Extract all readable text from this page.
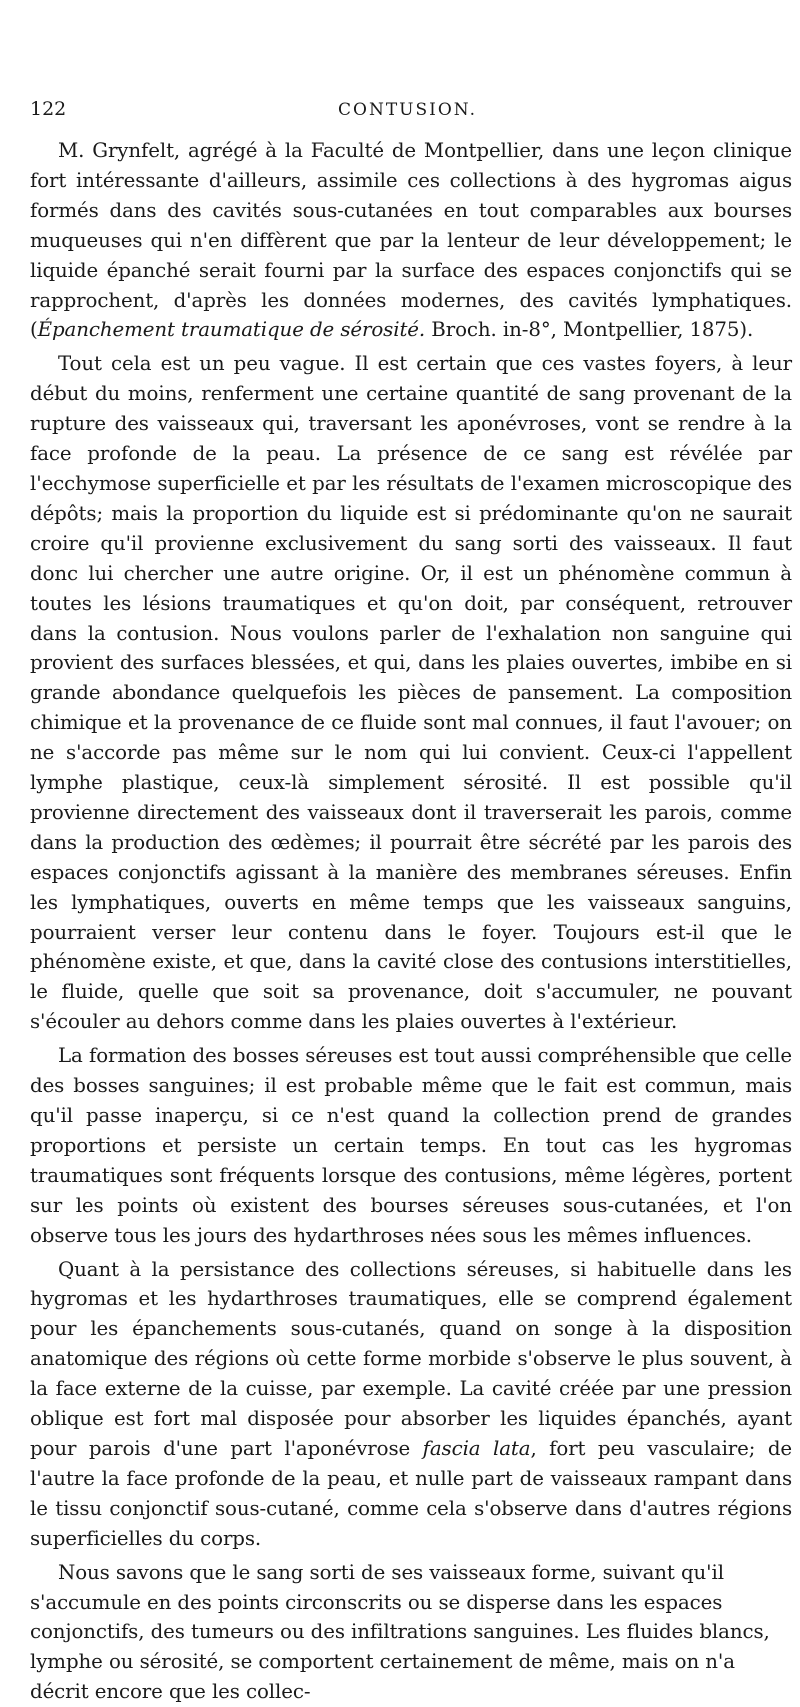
122	CONTUSION.

M. Grynfelt, agrégé à la Faculté de Montpellier, dans une leçon clinique fort intéressante d'ailleurs, assimile ces collections à des hygromas aigus formés dans des cavités sous-cutanées en tout comparables aux bourses muqueuses qui n'en diffèrent que par la lenteur de leur développement; le liquide épanché serait fourni par la surface des espaces conjonctifs qui se rapprochent, d'après les données modernes, des cavités lymphatiques. (Épanchement traumatique de sérosité. Broch. in-8°, Montpellier, 1875).

Tout cela est un peu vague. Il est certain que ces vastes foyers, à leur début du moins, renferment une certaine quantité de sang provenant de la rupture des vaisseaux qui, traversant les aponévroses, vont se rendre à la face profonde de la peau. La présence de ce sang est révélée par l'ecchymose superficielle et par les résultats de l'examen microscopique des dépôts; mais la proportion du liquide est si prédominante qu'on ne saurait croire qu'il provienne exclusivement du sang sorti des vaisseaux. Il faut donc lui chercher une autre origine. Or, il est un phénomène commun à toutes les lésions traumatiques et qu'on doit, par conséquent, retrouver dans la contusion. Nous voulons parler de l'exhalation non sanguine qui provient des surfaces blessées, et qui, dans les plaies ouvertes, imbibe en si grande abondance quelquefois les pièces de pansement. La composition chimique et la provenance de ce fluide sont mal connues, il faut l'avouer; on ne s'accorde pas même sur le nom qui lui convient. Ceux-ci l'appellent lymphe plastique, ceux-là simplement sérosité. Il est possible qu'il provienne directement des vaisseaux dont il traverserait les parois, comme dans la production des œdèmes; il pourrait être sécrété par les parois des espaces conjonctifs agissant à la manière des membranes séreuses. Enfin les lymphatiques, ouverts en même temps que les vaisseaux sanguins, pourraient verser leur contenu dans le foyer. Toujours est-il que le phénomène existe, et que, dans la cavité close des contusions interstitielles, le fluide, quelle que soit sa provenance, doit s'accumuler, ne pouvant s'écouler au dehors comme dans les plaies ouvertes à l'extérieur.

La formation des bosses séreuses est tout aussi compréhensible que celle des bosses sanguines; il est probable même que le fait est commun, mais qu'il passe inaperçu, si ce n'est quand la collection prend de grandes proportions et persiste un certain temps. En tout cas les hygromas traumatiques sont fréquents lorsque des contusions, même légères, portent sur les points où existent des bourses séreuses sous-cutanées, et l'on observe tous les jours des hydarthroses nées sous les mêmes influences.

Quant à la persistance des collections séreuses, si habituelle dans les hygromas et les hydarthroses traumatiques, elle se comprend également pour les épanchements sous-cutanés, quand on songe à la disposition anatomique des régions où cette forme morbide s'observe le plus souvent, à la face externe de la cuisse, par exemple. La cavité créée par une pression oblique est fort mal disposée pour absorber les liquides épanchés, ayant pour parois d'une part l'aponévrose fascia lata, fort peu vasculaire; de l'autre la face profonde de la peau, et nulle part de vaisseaux rampant dans le tissu conjonctif sous-cutané, comme cela s'observe dans d'autres régions superficielles du corps.

Nous savons que le sang sorti de ses vaisseaux forme, suivant qu'il s'accumule en des points circonscrits ou se disperse dans les espaces conjonctifs, des tumeurs ou des infiltrations sanguines. Les fluides blancs, lymphe ou sérosité, se comportent certainement de même, mais on n'a décrit encore que les collec-
